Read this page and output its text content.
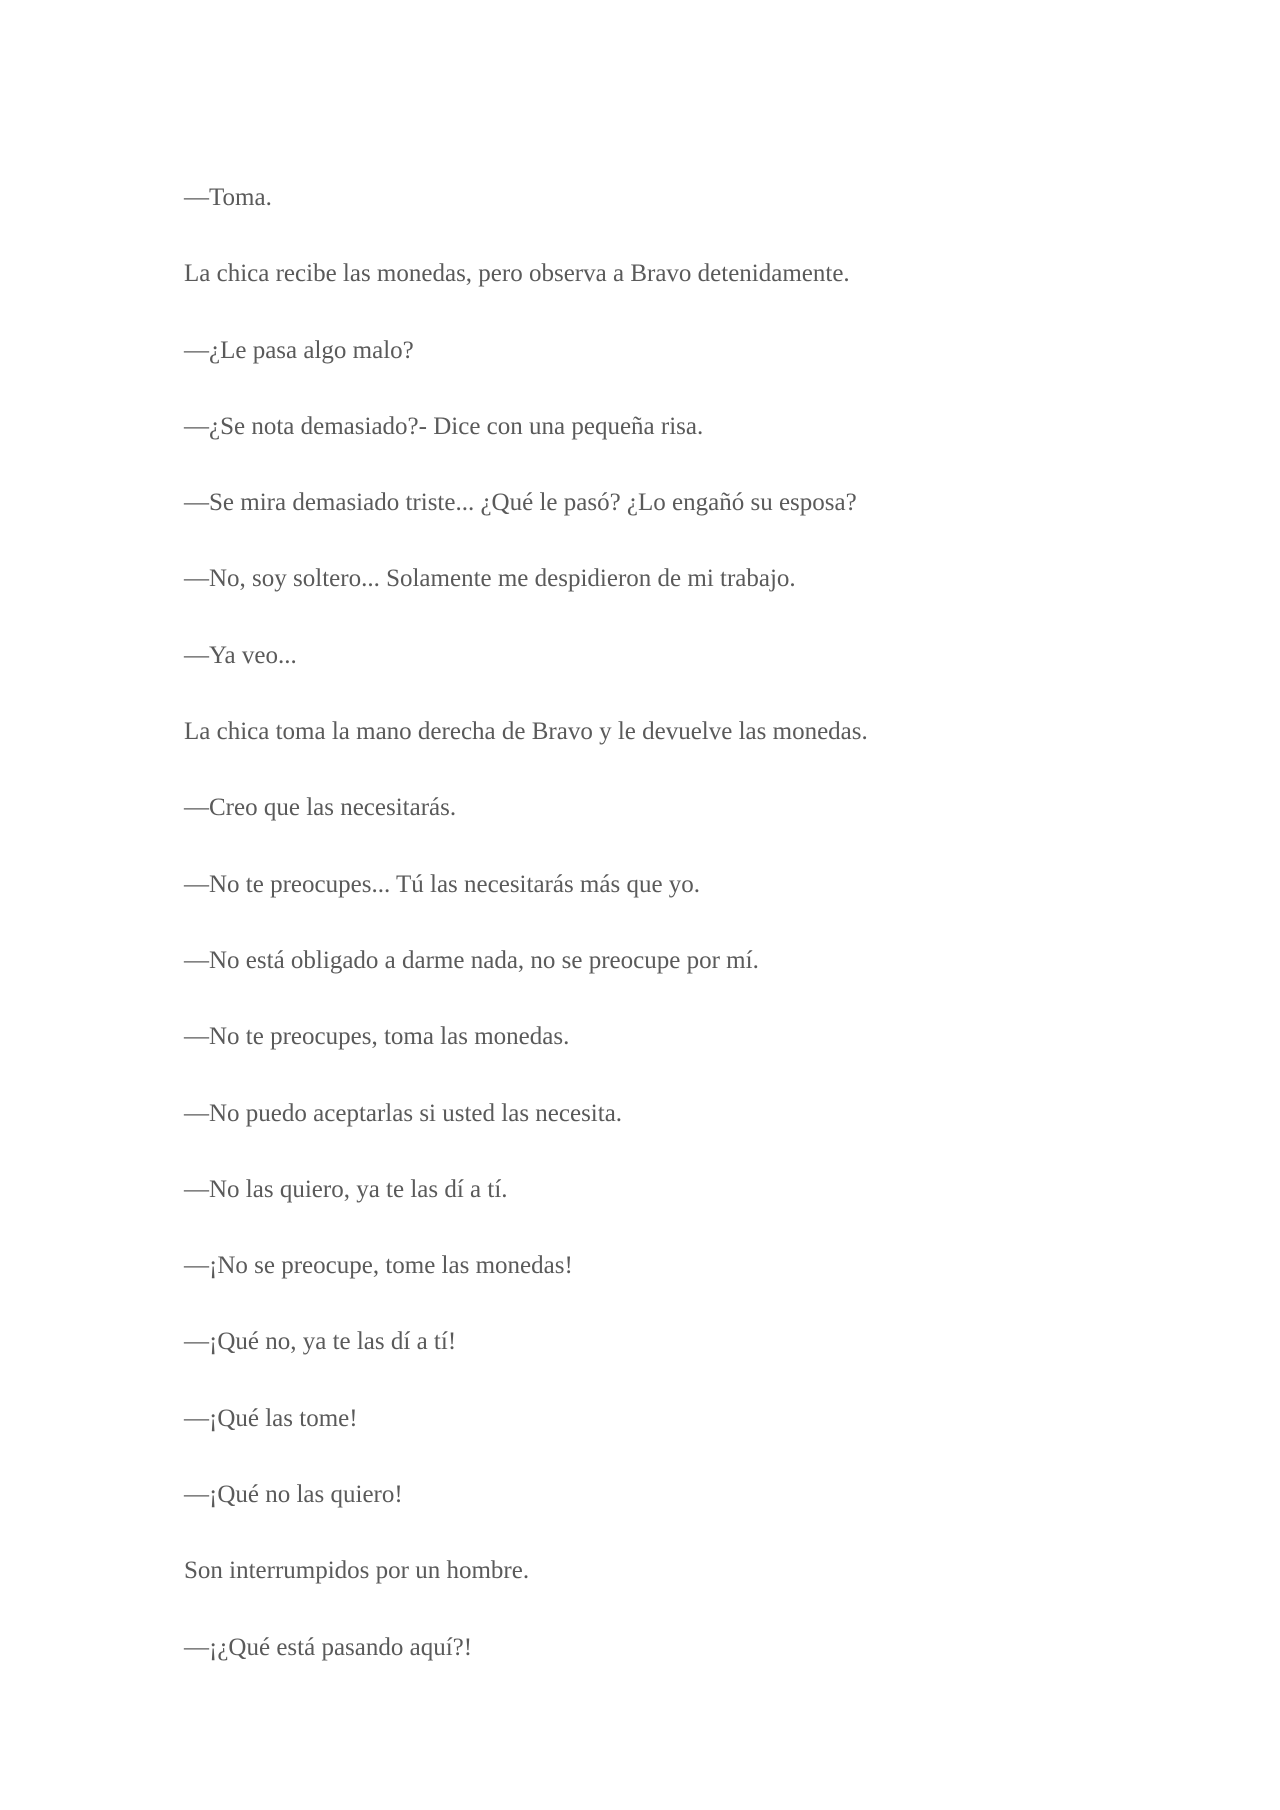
—Toma.

La chica recibe las monedas, pero observa a Bravo detenidamente.

—¿Le pasa algo malo?

—¿Se nota demasiado?- Dice con una pequeña risa.

—Se mira demasiado triste... ¿Qué le pasó? ¿Lo engañó su esposa?

—No, soy soltero... Solamente me despidieron de mi trabajo.

—Ya veo...

La chica toma la mano derecha de Bravo y le devuelve las monedas.

—Creo que las necesitarás.

—No te preocupes... Tú las necesitarás más que yo.

—No está obligado a darme nada, no se preocupe por mí.

—No te preocupes, toma las monedas.

—No puedo aceptarlas si usted las necesita.

—No las quiero, ya te las dí a tí.

—¡No se preocupe, tome las monedas!

—¡Qué no, ya te las dí a tí!

—¡Qué las tome!

—¡Qué no las quiero!

Son interrumpidos por un hombre.

—¡¿Qué está pasando aquí?!
